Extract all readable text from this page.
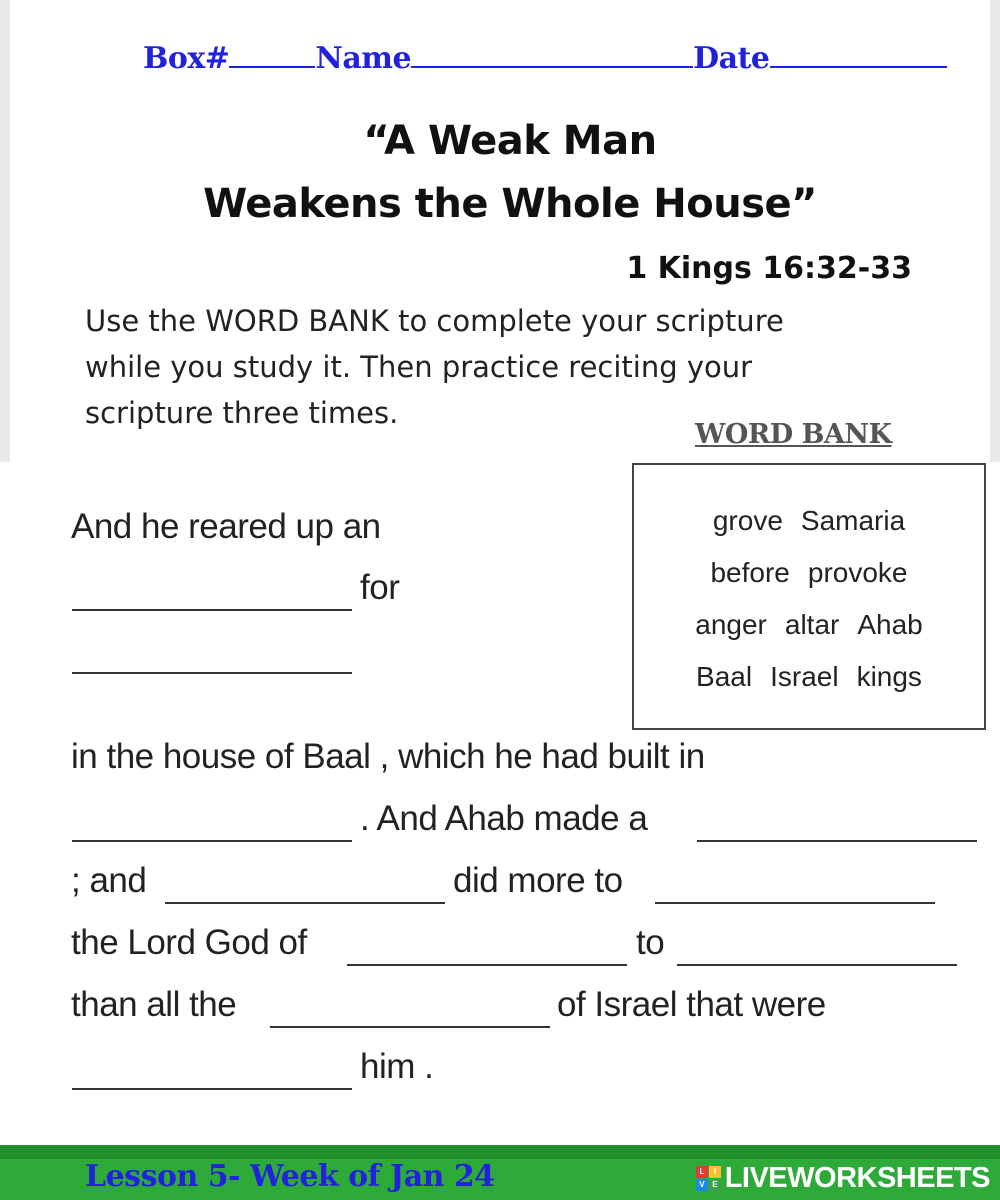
Box#	Name	Date
“A Weak Man
Weakens the Whole House”
1 Kings 16:32-33
Use the WORD BANK to complete your scripture
while you study it. Then practice reciting your
scripture three times.
WORD BANK
grove Samaria
before provoke
anger altar Ahab
Baal Israel kings
And he reared up an
for
in the house of Baal , which he had built in
. And Ahab made a
; and	did more to
the Lord God of	to
than all the	of Israel that were
him .
Lesson 5- Week of Jan 24	L	I
V	E LIVEWORKSHEETS
